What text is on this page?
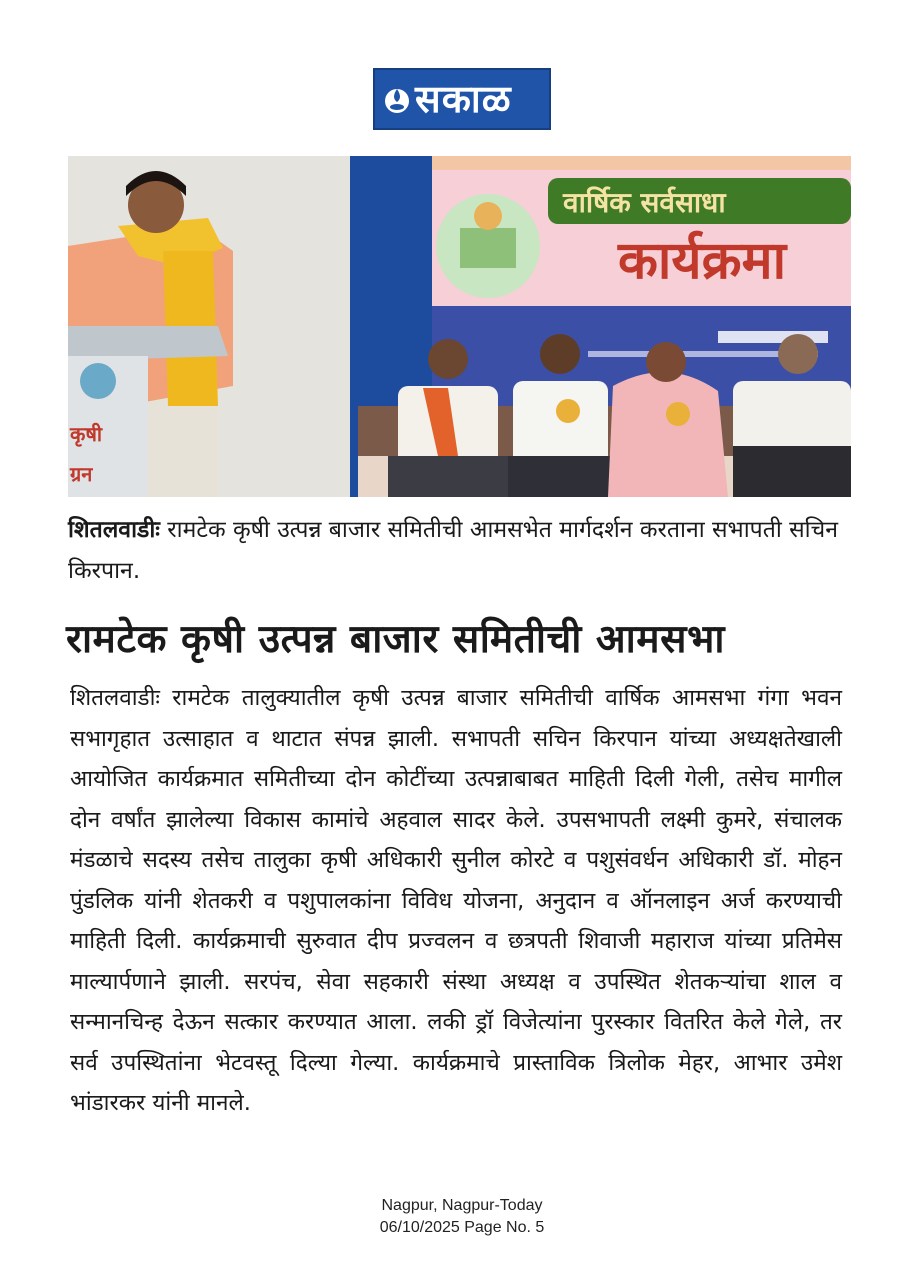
सकाळ
वार्षिक सर्वसाधा
कार्यक्रमा
कृषी
ग्रन
शितलवाडीः रामटेक कृषी उत्पन्न बाजार समितीची आमसभेत मार्गदर्शन करताना सभापती सचिन किरपान.
रामटेक कृषी उत्पन्न बाजार समितीची आमसभा
शितलवाडीः रामटेक तालुक्यातील कृषी उत्पन्न बाजार समितीची वार्षिक आमसभा गंगा भवन सभागृहात उत्साहात व थाटात संपन्न झाली. सभापती सचिन किरपान यांच्या अध्यक्षतेखाली आयोजित कार्यक्रमात समितीच्या दोन कोटींच्या उत्पन्नाबाबत माहिती दिली गेली, तसेच मागील दोन वर्षांत झालेल्या विकास कामांचे अहवाल सादर केले. उपसभापती लक्ष्मी कुमरे, संचालक मंडळाचे सदस्य तसेच तालुका कृषी अधिकारी सुनील कोरटे व पशुसंवर्धन अधिकारी डॉ. मोहन पुंडलिक यांनी शेतकरी व पशुपालकांना विविध योजना, अनुदान व ऑनलाइन अर्ज करण्याची माहिती दिली. कार्यक्रमाची सुरुवात दीप प्रज्वलन व छत्रपती शिवाजी महाराज यांच्या प्रतिमेस माल्यार्पणाने झाली. सरपंच, सेवा सहकारी संस्था अध्यक्ष व उपस्थित शेतकऱ्यांचा शाल व सन्मानचिन्ह देऊन सत्कार करण्यात आला. लकी ड्रॉ विजेत्यांना पुरस्कार वितरित केले गेले, तर सर्व उपस्थितांना भेटवस्तू दिल्या गेल्या. कार्यक्रमाचे प्रास्ताविक त्रिलोक मेहर, आभार उमेश भांडारकर यांनी मानले.
Nagpur, Nagpur-Today
06/10/2025 Page No. 5
